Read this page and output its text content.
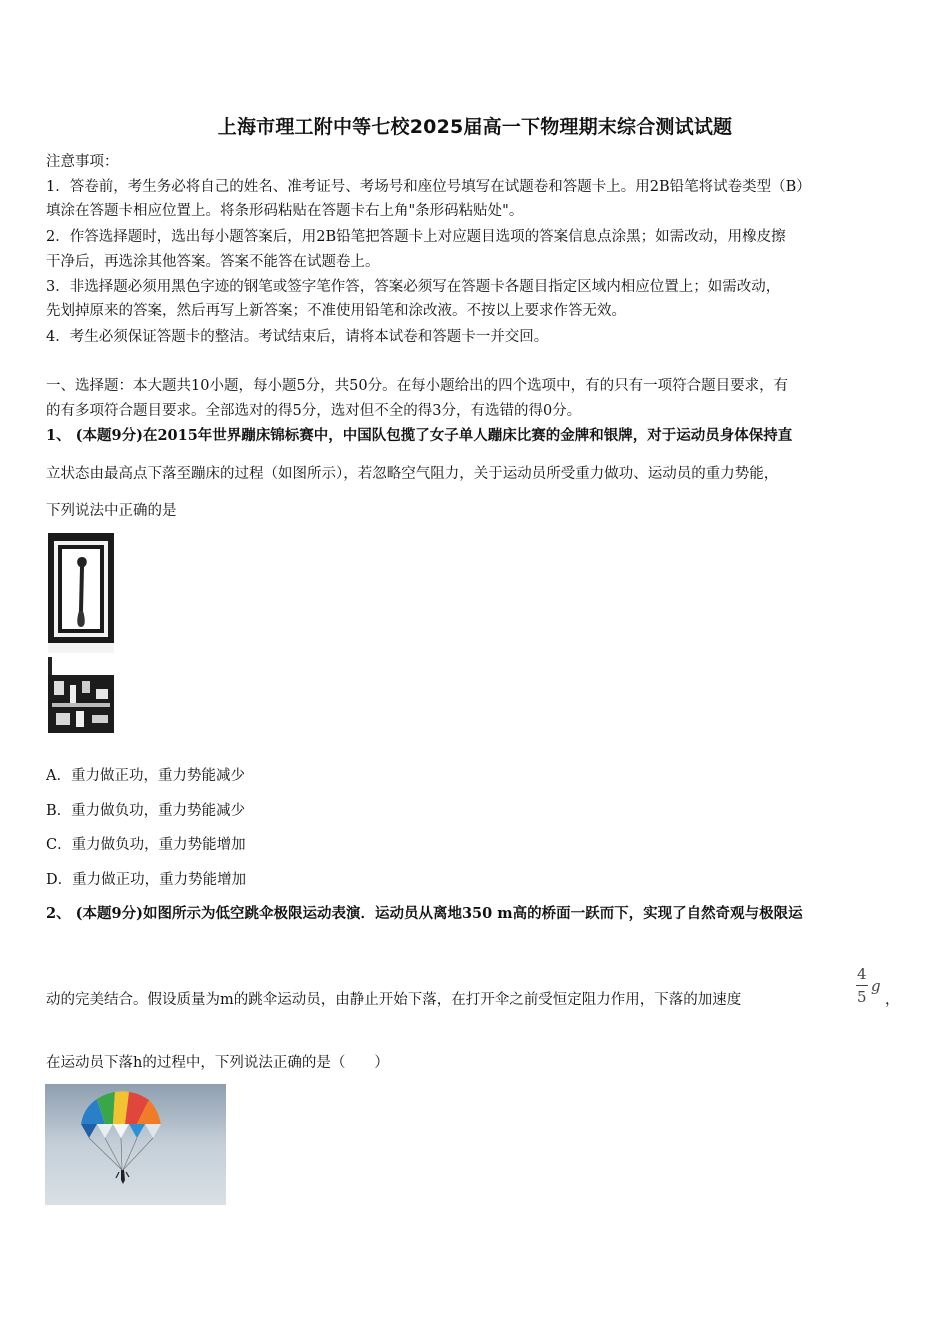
上海市理工附中等七校2025届高一下物理期末综合测试试题
注意事项：
1．答卷前，考生务必将自己的姓名、准考证号、考场号和座位号填写在试题卷和答题卡上。用2B铅笔将试卷类型（B）
填涂在答题卡相应位置上。将条形码粘贴在答题卡右上角"条形码粘贴处"。
2．作答选择题时，选出每小题答案后，用2B铅笔把答题卡上对应题目选项的答案信息点涂黑；如需改动，用橡皮擦
干净后，再选涂其他答案。答案不能答在试题卷上。
3．非选择题必须用黑色字迹的钢笔或签字笔作答，答案必须写在答题卡各题目指定区域内相应位置上；如需改动，
先划掉原来的答案，然后再写上新答案；不准使用铅笔和涂改液。不按以上要求作答无效。
4．考生必须保证答题卡的整洁。考试结束后，请将本试卷和答题卡一并交回。
一、选择题：本大题共10小题，每小题5分，共50分。在每小题给出的四个选项中，有的只有一项符合题目要求，有
的有多项符合题目要求。全部选对的得5分，选对但不全的得3分，有选错的得0分。
1、 (本题9分)在2015年世界蹦床锦标赛中，中国队包揽了女子单人蹦床比赛的金牌和银牌，对于运动员身体保持直
立状态由最高点下落至蹦床的过程（如图所示），若忽略空气阻力，关于运动员所受重力做功、运动员的重力势能，
下列说法中正确的是
A．重力做正功，重力势能减少
B．重力做负功，重力势能减少
C．重力做负功，重力势能增加
D．重力做正功，重力势能增加
2、 (本题9分)如图所示为低空跳伞极限运动表演．运动员从离地350 m高的桥面一跃而下，实现了自然奇观与极限运
动的完美结合。假设质量为m的跳伞运动员，由静止开始下落，在打开伞之前受恒定阻力作用，下落的加速度
4
5
g
，
在运动员下落h的过程中，下列说法正确的是（　　）
